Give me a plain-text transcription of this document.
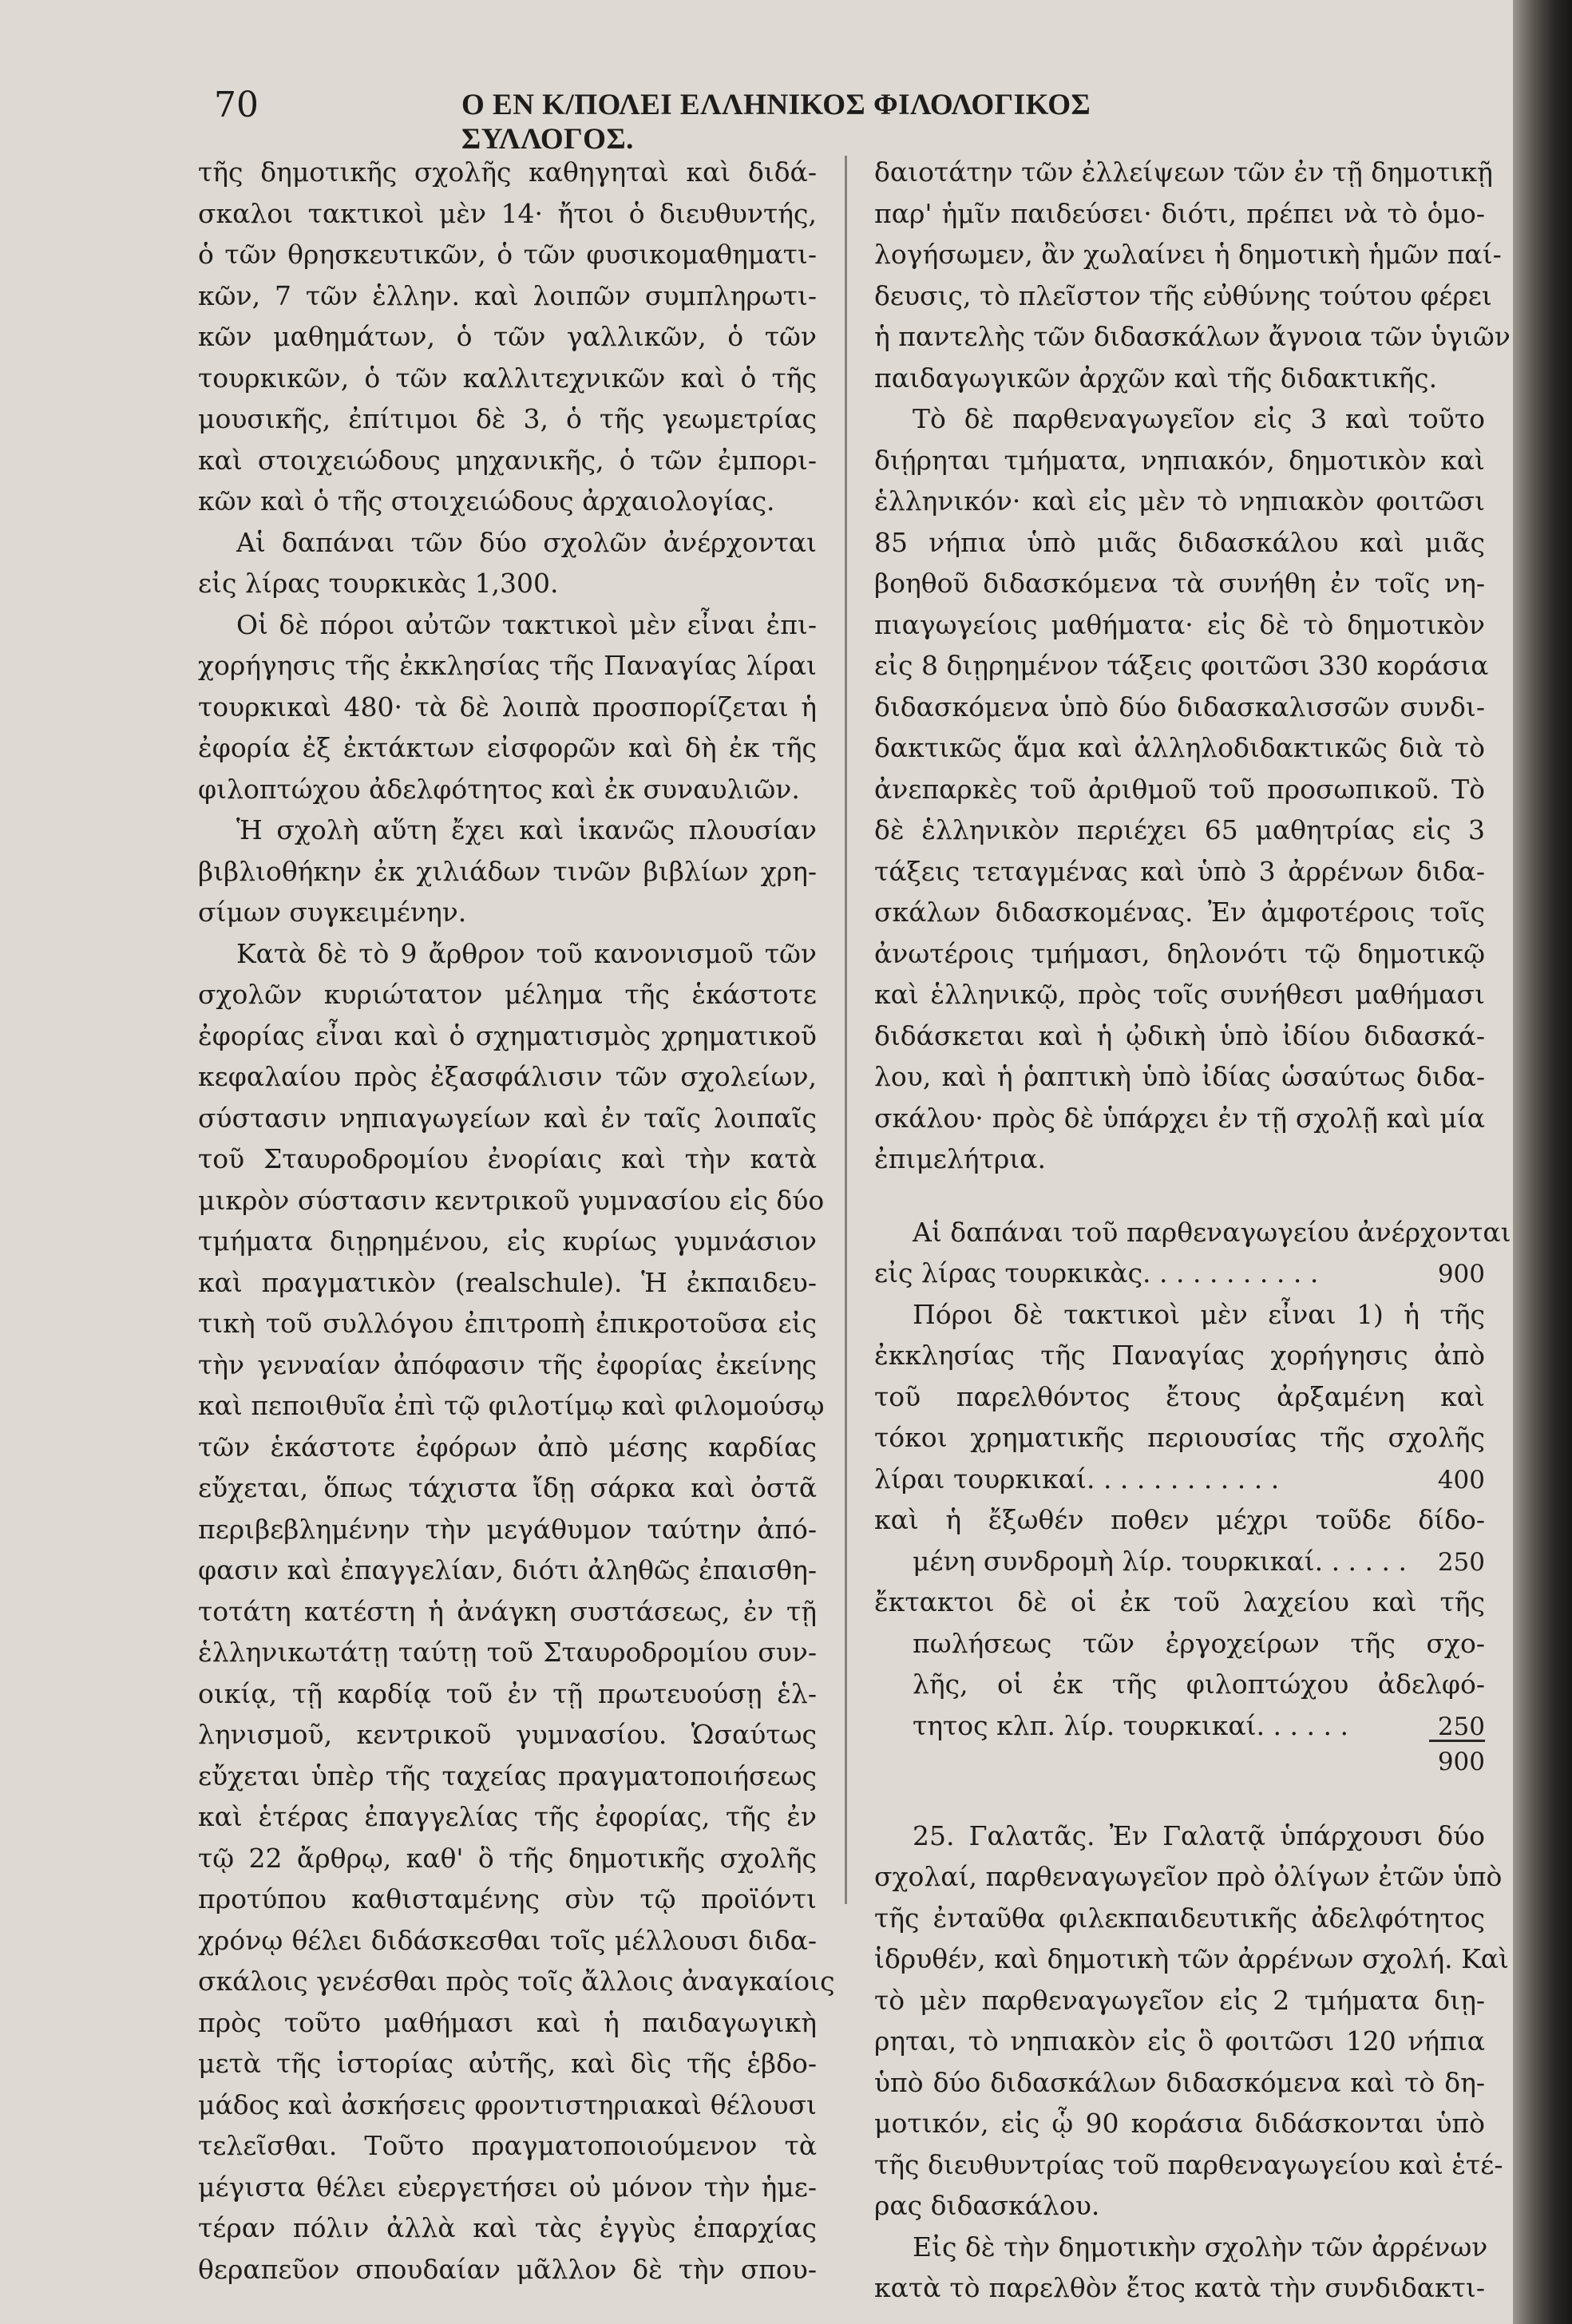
70	Ο ΕΝ Κ/ΠΟΛΕΙ ΕΛΛΗΝΙΚΟΣ ΦΙΛΟΛΟΓΙΚΟΣ ΣΥΛΛΟΓΟΣ.
τῆς δημοτικῆς σχολῆς καθηγηταὶ καὶ διδά-
σκαλοι τακτικοὶ μὲν 14· ἤτοι ὁ διευθυντής,
ὁ τῶν θρησκευτικῶν, ὁ τῶν φυσικομαθηματι-
κῶν, 7 τῶν ἑλλην. καὶ λοιπῶν συμπληρωτι-
κῶν μαθημάτων, ὁ τῶν γαλλικῶν, ὁ τῶν
τουρκικῶν, ὁ τῶν καλλιτεχνικῶν καὶ ὁ τῆς
μουσικῆς, ἐπίτιμοι δὲ 3, ὁ τῆς γεωμετρίας
καὶ στοιχειώδους μηχανικῆς, ὁ τῶν ἐμπορι-
κῶν καὶ ὁ τῆς στοιχειώδους ἀρχαιολογίας.
Αἱ δαπάναι τῶν δύο σχολῶν ἀνέρχονται
εἰς λίρας τουρκικὰς 1,300.
Οἱ δὲ πόροι αὐτῶν τακτικοὶ μὲν εἶναι ἐπι-
χορήγησις τῆς ἐκκλησίας τῆς Παναγίας λίραι
τουρκικαὶ 480· τὰ δὲ λοιπὰ προσπορίζεται ἡ
ἐφορία ἐξ ἐκτάκτων εἰσφορῶν καὶ δὴ ἐκ τῆς
φιλοπτώχου ἀδελφότητος καὶ ἐκ συναυλιῶν.
Ἡ σχολὴ αὕτη ἔχει καὶ ἱκανῶς πλουσίαν
βιβλιοθήκην ἐκ χιλιάδων τινῶν βιβλίων χρη-
σίμων συγκειμένην.
Κατὰ δὲ τὸ 9 ἄρθρον τοῦ κανονισμοῦ τῶν
σχολῶν κυριώτατον μέλημα τῆς ἑκάστοτε
ἐφορίας εἶναι καὶ ὁ σχηματισμὸς χρηματικοῦ
κεφαλαίου πρὸς ἐξασφάλισιν τῶν σχολείων,
σύστασιν νηπιαγωγείων καὶ ἐν ταῖς λοιπαῖς
τοῦ Σταυροδρομίου ἐνορίαις καὶ τὴν κατὰ
μικρὸν σύστασιν κεντρικοῦ γυμνασίου εἰς δύο
τμήματα διῃρημένου, εἰς κυρίως γυμνάσιον
καὶ πραγματικὸν (realschule). Ἡ ἐκπαιδευ-
τικὴ τοῦ συλλόγου ἐπιτροπὴ ἐπικροτοῦσα εἰς
τὴν γενναίαν ἀπόφασιν τῆς ἐφορίας ἐκείνης
καὶ πεποιθυῖα ἐπὶ τῷ φιλοτίμῳ καὶ φιλομούσῳ
τῶν ἑκάστοτε ἐφόρων ἀπὸ μέσης καρδίας
εὔχεται, ὅπως τάχιστα ἴδῃ σάρκα καὶ ὀστᾶ
περιβεβλημένην τὴν μεγάθυμον ταύτην ἀπό-
φασιν καὶ ἐπαγγελίαν, διότι ἀληθῶς ἐπαισθη-
τοτάτη κατέστη ἡ ἀνάγκη συστάσεως, ἐν τῇ
ἑλληνικωτάτῃ ταύτῃ τοῦ Σταυροδρομίου συν-
οικίᾳ, τῇ καρδίᾳ τοῦ ἐν τῇ πρωτευούσῃ ἑλ-
ληνισμοῦ, κεντρικοῦ γυμνασίου. Ὡσαύτως
εὔχεται ὑπὲρ τῆς ταχείας πραγματοποιήσεως
καὶ ἑτέρας ἐπαγγελίας τῆς ἐφορίας, τῆς ἐν
τῷ 22 ἄρθρῳ, καθ' ὃ τῆς δημοτικῆς σχολῆς
προτύπου καθισταμένης σὺν τῷ προϊόντι
χρόνῳ θέλει διδάσκεσθαι τοῖς μέλλουσι διδα-
σκάλοις γενέσθαι πρὸς τοῖς ἄλλοις ἀναγκαίοις
πρὸς τοῦτο μαθήμασι καὶ ἡ παιδαγωγικὴ
μετὰ τῆς ἱστορίας αὐτῆς, καὶ δὶς τῆς ἑβδο-
μάδος καὶ ἀσκήσεις φροντιστηριακαὶ θέλουσι
τελεῖσθαι. Τοῦτο πραγματοποιούμενον τὰ
μέγιστα θέλει εὐεργετήσει οὐ μόνον τὴν ἡμε-
τέραν πόλιν ἀλλὰ καὶ τὰς ἐγγὺς ἐπαρχίας
θεραπεῦον σπουδαίαν μᾶλλον δὲ τὴν σπου-
δαιοτάτην τῶν ἐλλείψεων τῶν ἐν τῇ δημοτικῇ
παρ' ἡμῖν παιδεύσει· διότι, πρέπει νὰ τὸ ὁμο-
λογήσωμεν, ἂν χωλαίνει ἡ δημοτικὴ ἡμῶν παί-
δευσις, τὸ πλεῖστον τῆς εὐθύνης τούτου φέρει
ἡ παντελὴς τῶν διδασκάλων ἄγνοια τῶν ὑγιῶν
παιδαγωγικῶν ἀρχῶν καὶ τῆς διδακτικῆς.
Τὸ δὲ παρθεναγωγεῖον εἰς 3 καὶ τοῦτο
διῄρηται τμήματα, νηπιακόν, δημοτικὸν καὶ
ἑλληνικόν· καὶ εἰς μὲν τὸ νηπιακὸν φοιτῶσι
85 νήπια ὑπὸ μιᾶς διδασκάλου καὶ μιᾶς
βοηθοῦ διδασκόμενα τὰ συνήθη ἐν τοῖς νη-
πιαγωγείοις μαθήματα· εἰς δὲ τὸ δημοτικὸν
εἰς 8 διῃρημένον τάξεις φοιτῶσι 330 κοράσια
διδασκόμενα ὑπὸ δύο διδασκαλισσῶν συνδι-
δακτικῶς ἅμα καὶ ἀλληλοδιδακτικῶς διὰ τὸ
ἀνεπαρκὲς τοῦ ἀριθμοῦ τοῦ προσωπικοῦ. Τὸ
δὲ ἑλληνικὸν περιέχει 65 μαθητρίας εἰς 3
τάξεις τεταγμένας καὶ ὑπὸ 3 ἀρρένων διδα-
σκάλων διδασκομένας. Ἐν ἀμφοτέροις τοῖς
ἀνωτέροις τμήμασι, δηλονότι τῷ δημοτικῷ
καὶ ἑλληνικῷ, πρὸς τοῖς συνήθεσι μαθήμασι
διδάσκεται καὶ ἡ ᾠδικὴ ὑπὸ ἰδίου διδασκά-
λου, καὶ ἡ ῥαπτικὴ ὑπὸ ἰδίας ὡσαύτως διδα-
σκάλου· πρὸς δὲ ὑπάρχει ἐν τῇ σχολῇ καὶ μία
ἐπιμελήτρια.
Αἱ δαπάναι τοῦ παρθεναγωγείου ἀνέρχονται
εἰς λίρας τουρκικὰς. . . . . . . . . . .	900
Πόροι δὲ τακτικοὶ μὲν εἶναι 1) ἡ τῆς
ἐκκλησίας τῆς Παναγίας χορήγησις ἀπὸ
τοῦ παρελθόντος ἔτους ἀρξαμένη καὶ
τόκοι χρηματικῆς περιουσίας τῆς σχολῆς
λίραι τουρκικαί. . . . . . . . . . . .	400
καὶ ἡ ἔξωθέν ποθεν μέχρι τοῦδε δίδο-
μένη συνδρομὴ λίρ. τουρκικαί. . . . . .	250
ἔκτακτοι δὲ οἱ ἐκ τοῦ λαχείου καὶ τῆς
πωλήσεως τῶν ἐργοχείρων τῆς σχο-
λῆς, οἱ ἐκ τῆς φιλοπτώχου ἀδελφό-
τητος κλπ. λίρ. τουρκικαί. . . . . .	250
900
25. Γαλατᾶς. Ἐν Γαλατᾷ ὑπάρχουσι δύο
σχολαί, παρθεναγωγεῖον πρὸ ὀλίγων ἐτῶν ὑπὸ
τῆς ἐνταῦθα φιλεκπαιδευτικῆς ἀδελφότητος
ἱδρυθέν, καὶ δημοτικὴ τῶν ἀρρένων σχολή. Καὶ
τὸ μὲν παρθεναγωγεῖον εἰς 2 τμήματα διῃ-
ρηται, τὸ νηπιακὸν εἰς ὃ φοιτῶσι 120 νήπια
ὑπὸ δύο διδασκάλων διδασκόμενα καὶ τὸ δη-
μοτικόν, εἰς ᾧ 90 κοράσια διδάσκονται ὑπὸ
τῆς διευθυντρίας τοῦ παρθεναγωγείου καὶ ἑτέ-
ρας διδασκάλου.
Εἰς δὲ τὴν δημοτικὴν σχολὴν τῶν ἀρρένων
κατὰ τὸ παρελθὸν ἔτος κατὰ τὴν συνδιδακτι-
